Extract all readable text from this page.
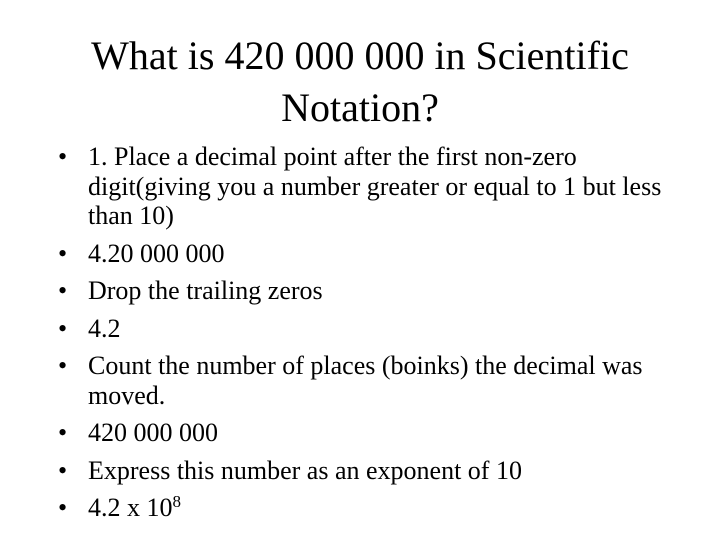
What is 420 000 000 in Scientific
Notation?
• 1. Place a decimal point after the first non-zero digit(giving you a number greater or equal to 1 but less than 10)
• 4.20 000 000
• Drop the trailing zeros
• 4.2
• Count the number of places (boinks) the decimal was moved.
• 420 000 000
• Express this number as an exponent of 10
• 4.2 x $10^8$
